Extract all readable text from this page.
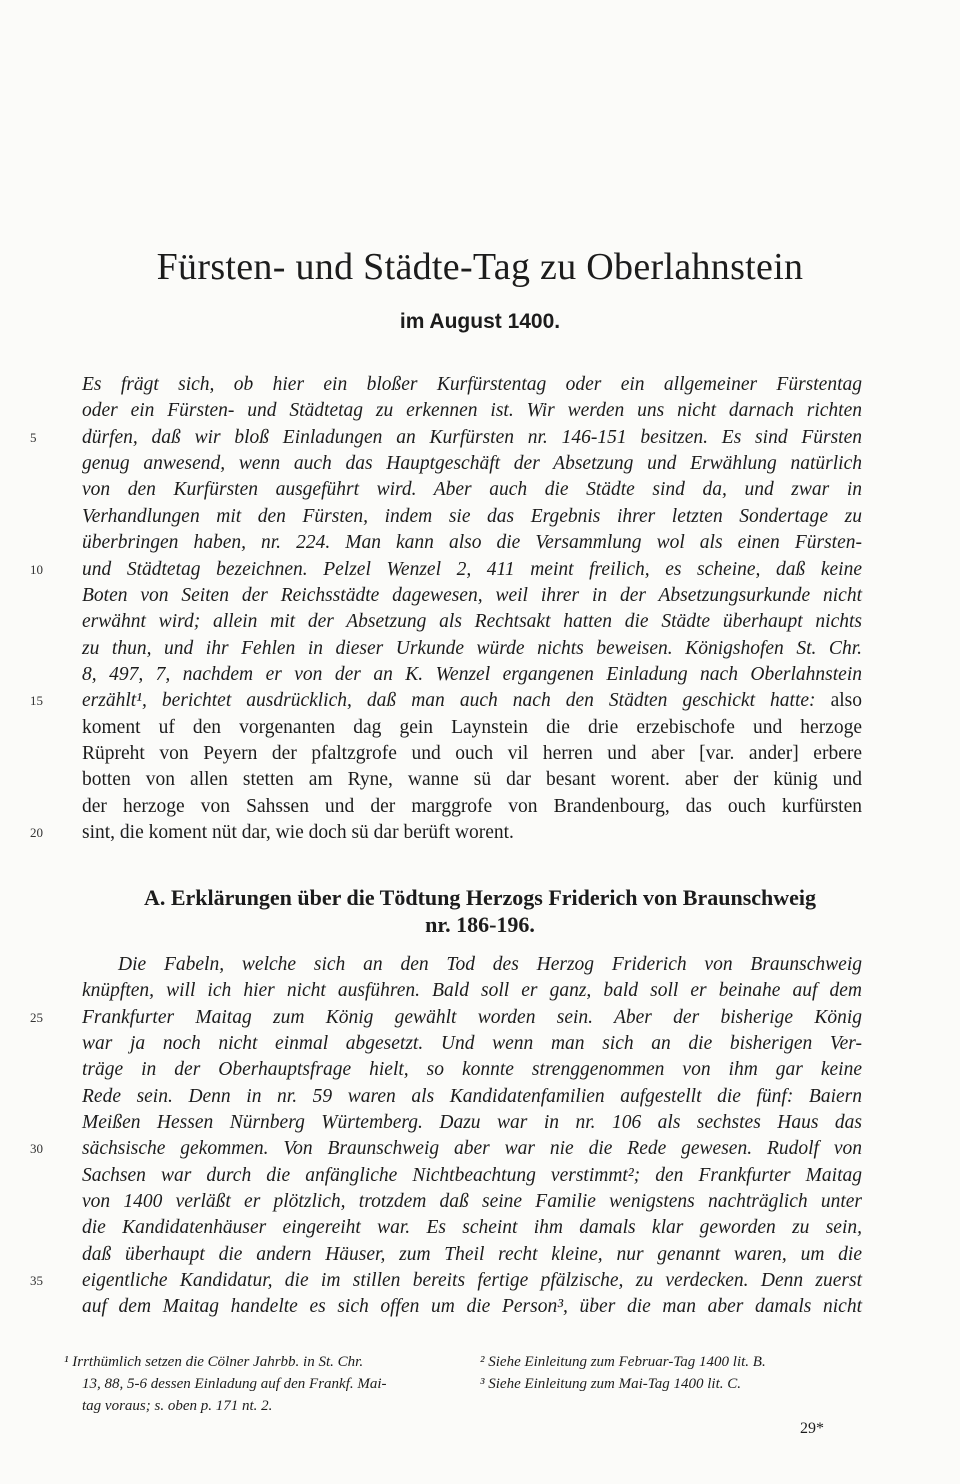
Fürsten- und Städte-Tag zu Oberlahnstein
im August 1400.
Es frägt sich, ob hier ein bloßer Kurfürstentag oder ein allgemeiner Fürstentag
oder ein Fürsten- und Städtetag zu erkennen ist. Wir werden uns nicht darnach richten
dürfen, daß wir bloß Einladungen an Kurfürsten nr. 146-151 besitzen. Es sind Fürsten
genug anwesend, wenn auch das Hauptgeschäft der Absetzung und Erwählung natürlich
von den Kurfürsten ausgeführt wird. Aber auch die Städte sind da, und zwar in
Verhandlungen mit den Fürsten, indem sie das Ergebnis ihrer letzten Sondertage zu
überbringen haben, nr. 224. Man kann also die Versammlung wol als einen Fürsten-
und Städtetag bezeichnen. Pelzel Wenzel 2, 411 meint freilich, es scheine, daß keine
Boten von Seiten der Reichsstädte dagewesen, weil ihrer in der Absetzungsurkunde nicht
erwähnt wird; allein mit der Absetzung als Rechtsakt hatten die Städte überhaupt nichts
zu thun, und ihr Fehlen in dieser Urkunde würde nichts beweisen. Königshofen St. Chr.
8, 497, 7, nachdem er von der an K. Wenzel ergangenen Einladung nach Oberlahnstein
erzählt¹, berichtet ausdrücklich, daß man auch nach den Städten geschickt hatte: also
koment uf den vorgenanten dag gein Laynstein die drie erzebischofe und herzoge
Rüpreht von Peyern der pfaltzgrofe und ouch vil herren und aber [var. ander] erbere
botten von allen stetten am Ryne, wanne sü dar besant worent. aber der künig und
der herzoge von Sahssen und der marggrofe von Brandenbourg, das ouch kurfürsten
sint, die koment nüt dar, wie doch sü dar berüft worent.
A. Erklärungen über die Tödtung Herzogs Friderich von Braunschweig
nr. 186-196.
Die Fabeln, welche sich an den Tod des Herzog Friderich von Braunschweig
knüpften, will ich hier nicht ausführen. Bald soll er ganz, bald soll er beinahe auf dem
Frankfurter Maitag zum König gewählt worden sein. Aber der bisherige König
war ja noch nicht einmal abgesetzt. Und wenn man sich an die bisherigen Ver-
träge in der Oberhauptsfrage hielt, so konnte strenggenommen von ihm gar keine
Rede sein. Denn in nr. 59 waren als Kandidatenfamilien aufgestellt die fünf: Baiern
Meißen Hessen Nürnberg Würtemberg. Dazu war in nr. 106 als sechstes Haus das
sächsische gekommen. Von Braunschweig aber war nie die Rede gewesen. Rudolf von
Sachsen war durch die anfängliche Nichtbeachtung verstimmt²; den Frankfurter Maitag
von 1400 verläßt er plötzlich, trotzdem daß seine Familie wenigstens nachträglich unter
die Kandidatenhäuser eingereiht war. Es scheint ihm damals klar geworden zu sein,
daß überhaupt die andern Häuser, zum Theil recht kleine, nur genannt waren, um die
eigentliche Kandidatur, die im stillen bereits fertige pfälzische, zu verdecken. Denn zuerst
auf dem Maitag handelte es sich offen um die Person³, über die man aber damals nicht
5
10
15
20
25
30
35
¹ Irrthümlich setzen die Cölner Jahrbb. in St. Chr.
13, 88, 5-6 dessen Einladung auf den Frankf. Mai-
tag voraus; s. oben p. 171 nt. 2.
² Siehe Einleitung zum Februar-Tag 1400 lit. B.
³ Siehe Einleitung zum Mai-Tag 1400 lit. C.
29*
